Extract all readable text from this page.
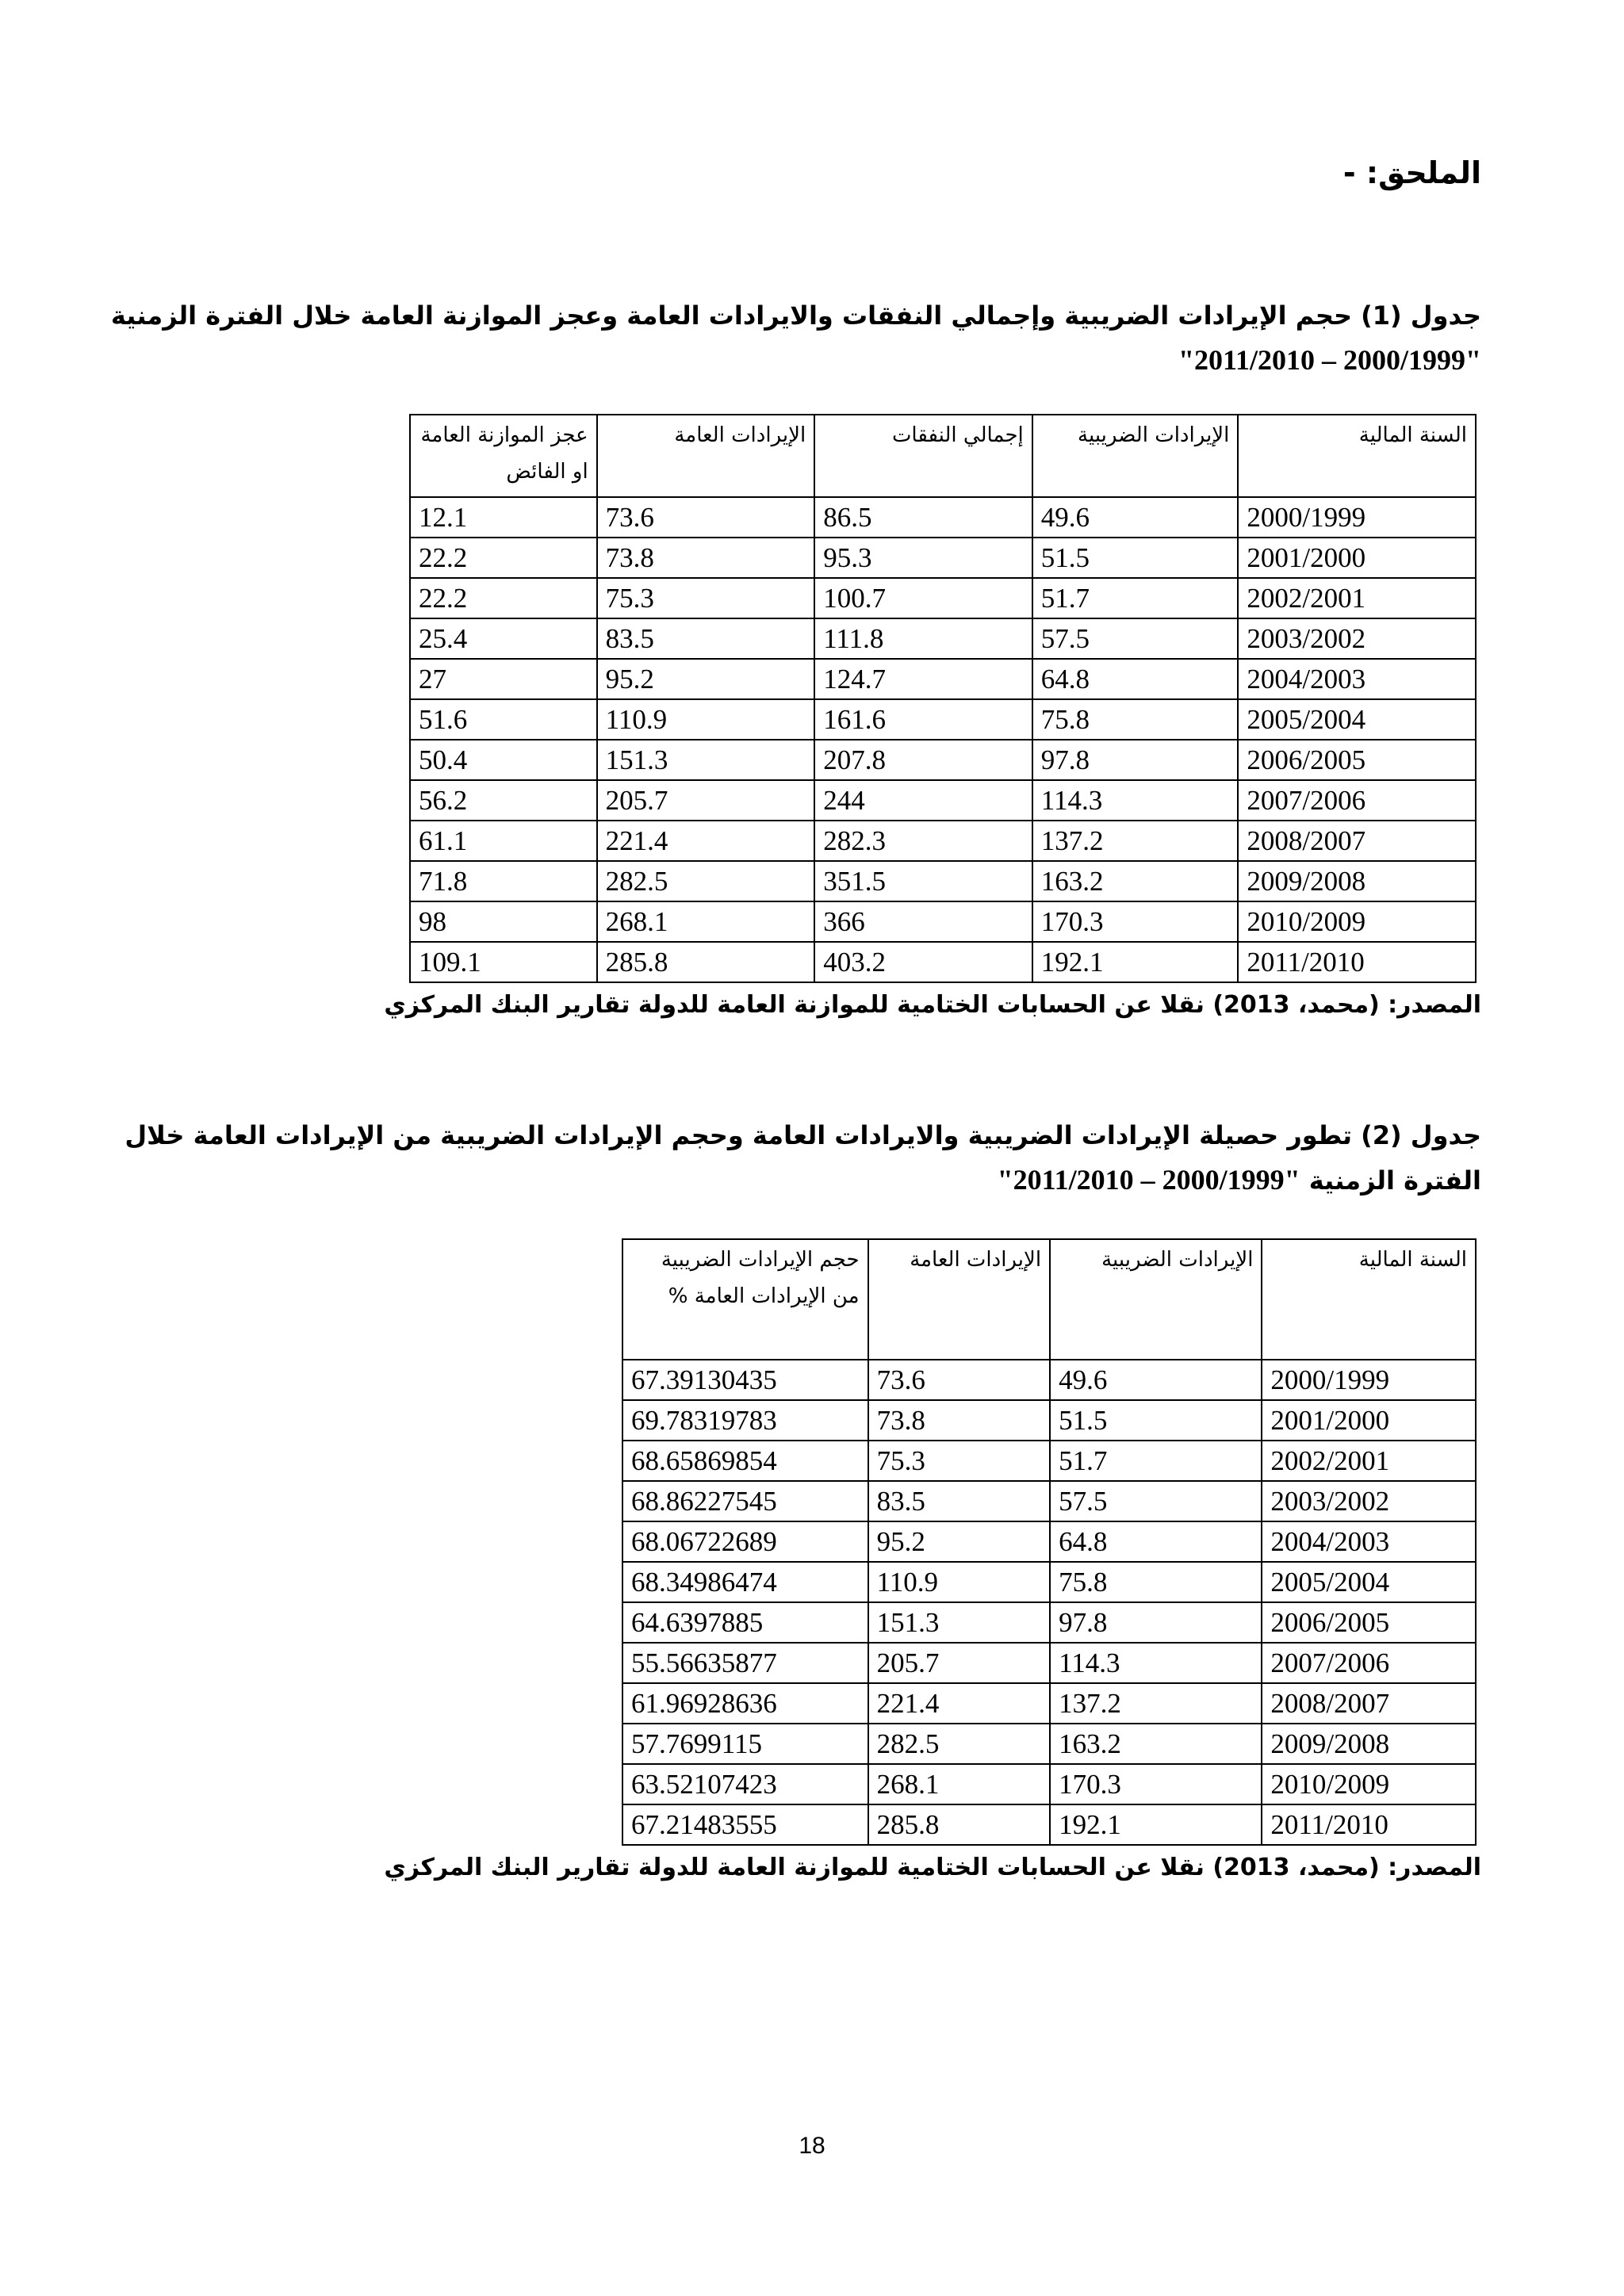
الملحق: -
جدول (1) حجم الإيرادات الضريبية وإجمالي النفقات والايرادات العامة وعجز الموازنة العامة خلال الفترة الزمنية
"2011/2010 – 2000/1999"
السنة المالية	الإيرادات الضريبية	إجمالي النفقات	الإيرادات العامة	عجز الموازنة العامة او الفائض
2000/1999	49.6	86.5	73.6	12.1
2001/2000	51.5	95.3	73.8	22.2
2002/2001	51.7	100.7	75.3	22.2
2003/2002	57.5	111.8	83.5	25.4
2004/2003	64.8	124.7	95.2	27
2005/2004	75.8	161.6	110.9	51.6
2006/2005	97.8	207.8	151.3	50.4
2007/2006	114.3	244	205.7	56.2
2008/2007	137.2	282.3	221.4	61.1
2009/2008	163.2	351.5	282.5	71.8
2010/2009	170.3	366	268.1	98
2011/2010	192.1	403.2	285.8	109.1
المصدر: (محمد، 2013) نقلا عن الحسابات الختامية للموازنة العامة للدولة تقارير البنك المركزي
جدول (2) تطور حصيلة الإيرادات الضريبية والايرادات العامة وحجم الإيرادات الضريبية من الإيرادات العامة خلال
الفترة الزمنية "2011/2010 – 2000/1999"
السنة المالية	الإيرادات الضريبية	الإيرادات العامة	حجم الإيرادات الضريبية من الإيرادات العامة %
2000/1999	49.6	73.6	67.39130435
2001/2000	51.5	73.8	69.78319783
2002/2001	51.7	75.3	68.65869854
2003/2002	57.5	83.5	68.86227545
2004/2003	64.8	95.2	68.06722689
2005/2004	75.8	110.9	68.34986474
2006/2005	97.8	151.3	64.6397885
2007/2006	114.3	205.7	55.56635877
2008/2007	137.2	221.4	61.96928636
2009/2008	163.2	282.5	57.7699115
2010/2009	170.3	268.1	63.52107423
2011/2010	192.1	285.8	67.21483555
المصدر: (محمد، 2013) نقلا عن الحسابات الختامية للموازنة العامة للدولة تقارير البنك المركزي
18
